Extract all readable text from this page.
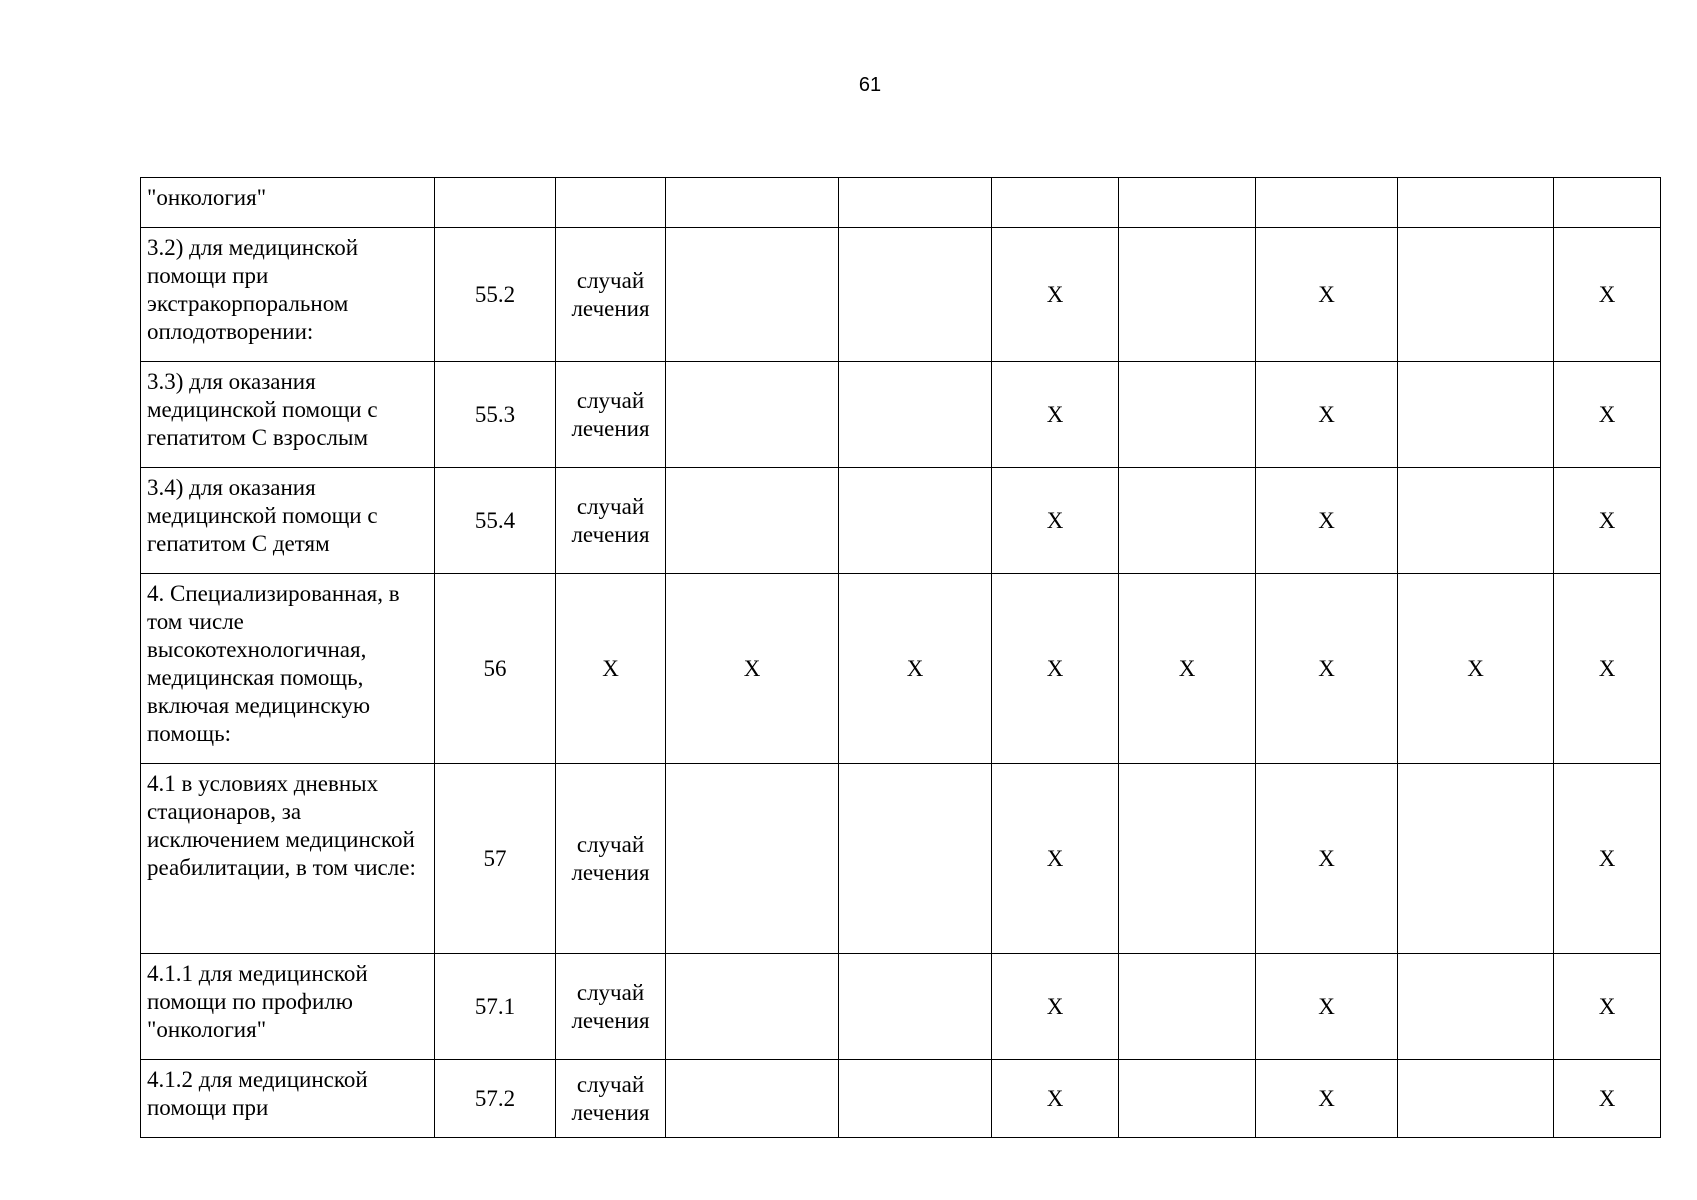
61
"онкология"									
3.2) для медицинской помощи при экстракорпоральном оплодотворении:	55.2	случай лечения			X		X		X
3.3) для оказания медицинской помощи с гепатитом С взрослым	55.3	случай лечения			X		X		X
3.4) для оказания медицинской помощи с гепатитом С детям	55.4	случай лечения			X		X		X
4. Специализированная, в том числе высокотехнологичная, медицинская помощь, включая медицинскую помощь:	56	X	X	X	X	X	X	X	X
4.1 в условиях дневных стационаров, за исключением медицинской реабилитации, в том числе:	57	случай лечения			X		X		X
4.1.1 для медицинской помощи по профилю "онкология"	57.1	случай лечения			X		X		X
4.1.2 для медицинской помощи при	57.2	случай лечения			X		X		X
